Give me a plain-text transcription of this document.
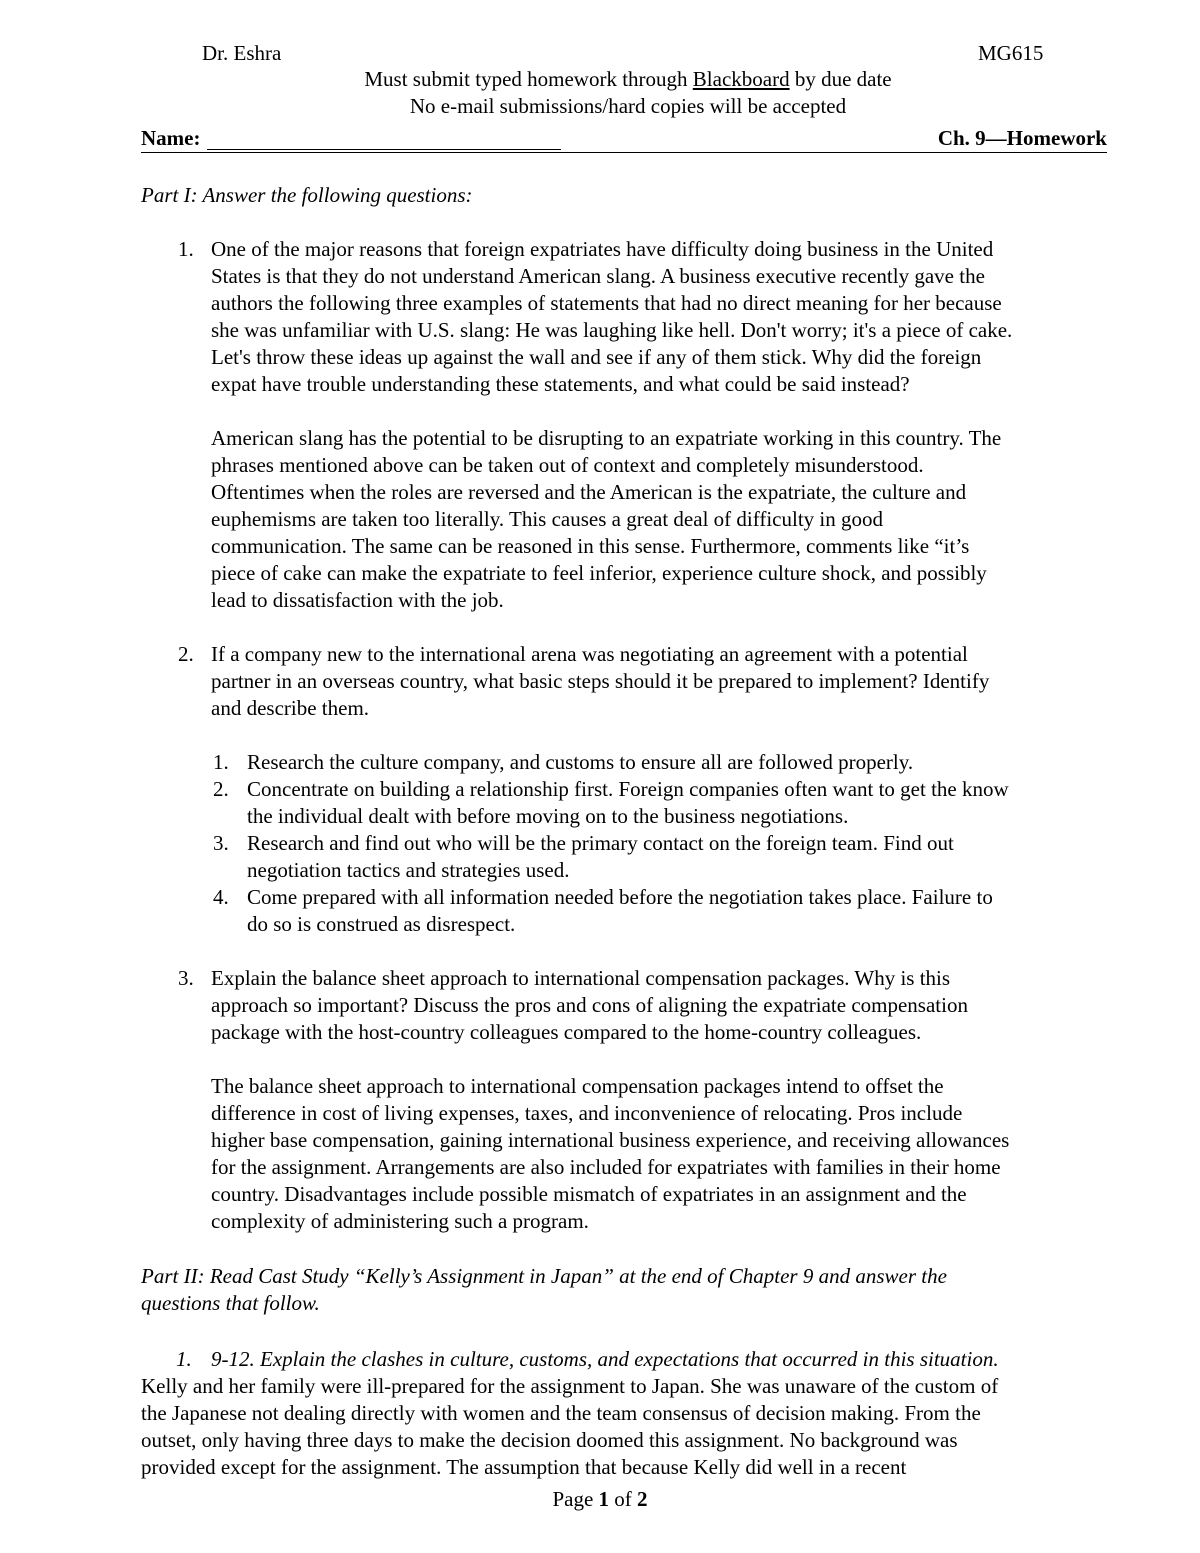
Dr. Eshra	MG615
Must submit typed homework through Blackboard by due date
No e-mail submissions/hard copies will be accepted
Name:	Ch. 9—Homework
Part I: Answer the following questions:
1. One of the major reasons that foreign expatriates have difficulty doing business in the United

States is that they do not understand American slang. A business executive recently gave the

authors the following three examples of statements that had no direct meaning for her because

she was unfamiliar with U.S. slang: He was laughing like hell. Don't worry; it's a piece of cake.

Let's throw these ideas up against the wall and see if any of them stick. Why did the foreign

expat have trouble understanding these statements, and what could be said instead?

American slang has the potential to be disrupting to an expatriate working in this country. The

phrases mentioned above can be taken out of context and completely misunderstood.

Oftentimes when the roles are reversed and the American is the expatriate, the culture and

euphemisms are taken too literally. This causes a great deal of difficulty in good

communication. The same can be reasoned in this sense. Furthermore, comments like “it’s

piece of cake can make the expatriate to feel inferior, experience culture shock, and possibly

lead to dissatisfaction with the job.

2. If a company new to the international arena was negotiating an agreement with a potential

partner in an overseas country, what basic steps should it be prepared to implement? Identify

and describe them.

1. Research the culture company, and customs to ensure all are followed properly.

2. Concentrate on building a relationship first. Foreign companies often want to get the know

the individual dealt with before moving on to the business negotiations.

3. Research and find out who will be the primary contact on the foreign team. Find out

negotiation tactics and strategies used.

4. Come prepared with all information needed before the negotiation takes place. Failure to

do so is construed as disrespect.

3. Explain the balance sheet approach to international compensation packages. Why is this

approach so important? Discuss the pros and cons of aligning the expatriate compensation

package with the host-country colleagues compared to the home-country colleagues.

The balance sheet approach to international compensation packages intend to offset the

difference in cost of living expenses, taxes, and inconvenience of relocating. Pros include

higher base compensation, gaining international business experience, and receiving allowances

for the assignment. Arrangements are also included for expatriates with families in their home

country. Disadvantages include possible mismatch of expatriates in an assignment and the

complexity of administering such a program.

Part II: Read Cast Study “Kelly’s Assignment in Japan” at the end of Chapter 9 and answer the

questions that follow.

1. 9-12. Explain the clashes in culture, customs, and expectations that occurred in this situation.

Kelly and her family were ill-prepared for the assignment to Japan. She was unaware of the custom of

the Japanese not dealing directly with women and the team consensus of decision making. From the

outset, only having three days to make the decision doomed this assignment. No background was

provided except for the assignment. The assumption that because Kelly did well in a recent

Page 1 of 2
